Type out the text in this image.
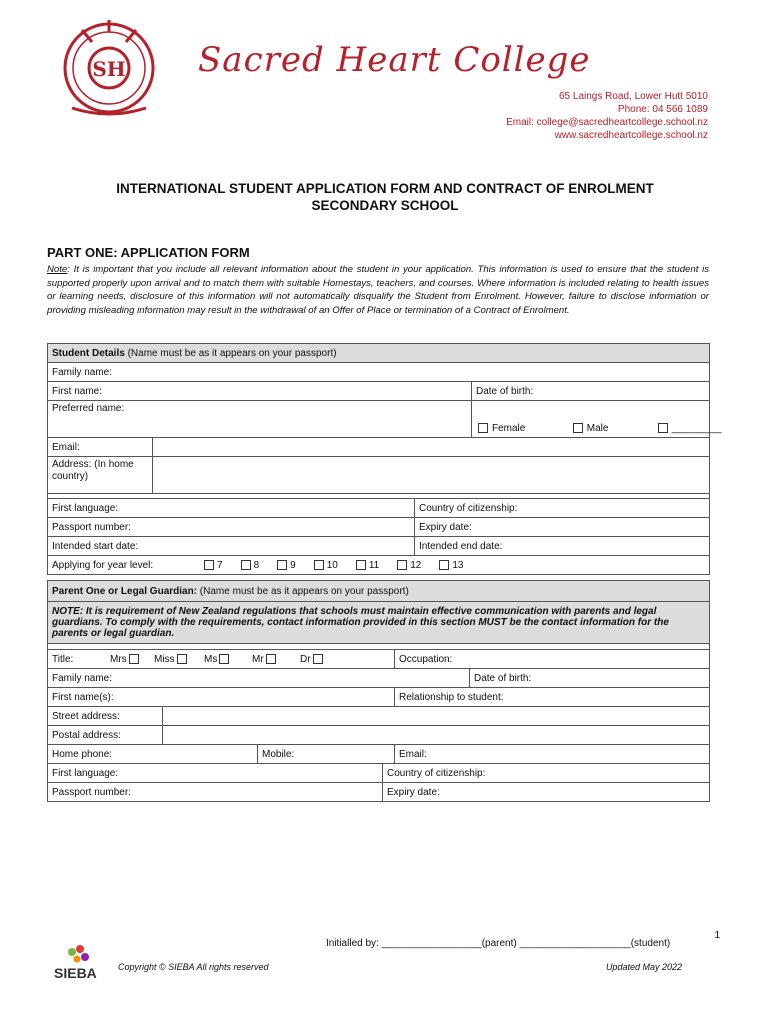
SH Sacred Heart College
65 Laings Road, Lower Hutt 5010
Phone: 04 566 1089
Email: college@sacredheartcollege.school.nz
www.sacredheartcollege.school.nz
INTERNATIONAL STUDENT APPLICATION FORM AND CONTRACT OF ENROLMENT
SECONDARY SCHOOL
PART ONE: APPLICATION FORM
Note: It is important that you include all relevant information about the student in your application. This information is used to ensure that the student is supported properly upon arrival and to match them with suitable Homestays, teachers, and courses. Where information is included relating to health issues or learning needs, disclosure of this information will not automatically disqualify the Student from Enrolment. However, failure to disclose information or providing misleading information may result in the withdrawal of an Offer of Place or termination of a Contract of Enrolment.
Student Details (Name must be as it appears on your passport)			
Family name:			
First name:			Date of birth:
Preferred name:			
			Female Male _________
Email:			
Address: (In home country)			

First language:		Country of citizenship:	
Passport number:		Expiry date:	
Intended start date:		Intended end date:	
Applying for year level: 7 8 9 10 11 12 13			
Parent One or Legal Guardian: (Name must be as it appears on your passport)					
NOTE: It is requirement of New Zealand regulations that schools must maintain effective communication with parents and legal guardians. To comply with the requirements, contact information provided in this section MUST be the contact information for the parents or legal guardian.					

Title: Mrs Miss Ms Mr Dr				Occupation:	
Family name:					Date of birth:
First name(s):				Relationship to student:	
Street address:					
Postal address:					
Home phone:		Mobile:		Email:	
First language:			Country of citizenship:		
Passport number:			Expiry date:		
1
Initialled by: __________________(parent) ____________________(student)
SIEBA Copyright © SIEBA All rights reserved	Updated May 2022
